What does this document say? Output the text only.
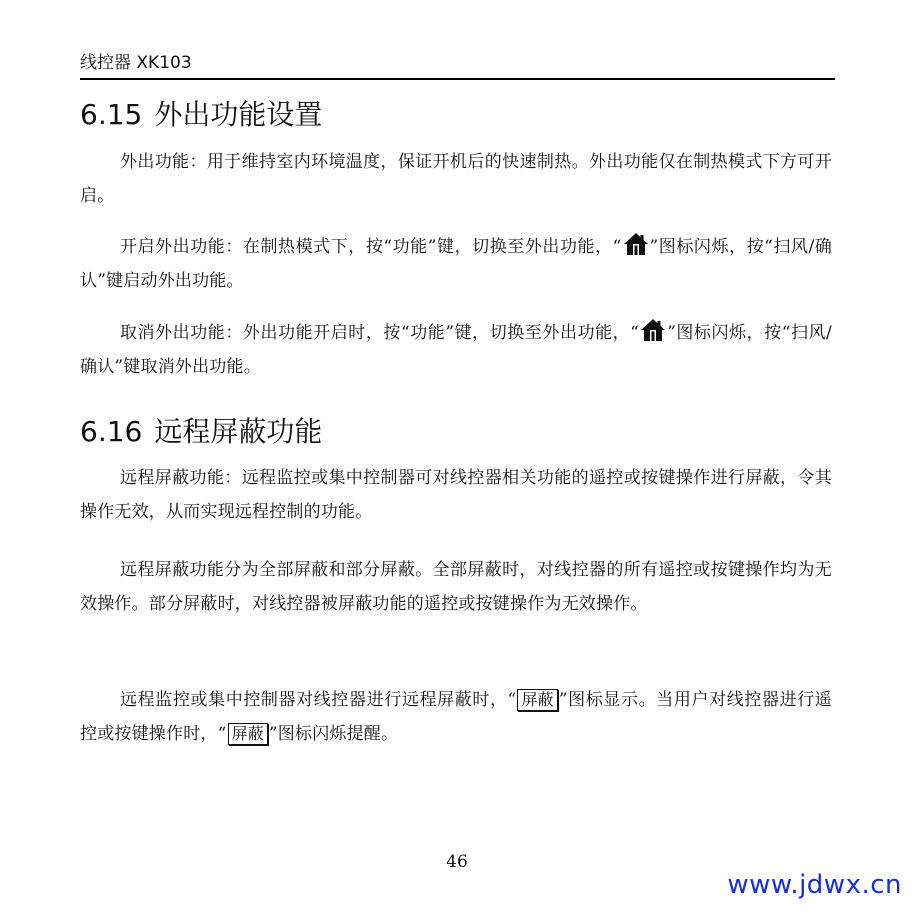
线控器 XK103
6.15 外出功能设置
外出功能：用于维持室内环境温度，保证开机后的快速制热。外出功能仅在制热模式下方可开启。
开启外出功能：在制热模式下，按“功能”键，切换至外出功能，“ ”图标闪烁，按“扫风/确认”键启动外出功能。
取消外出功能：外出功能开启时，按“功能”键，切换至外出功能，“ ”图标闪烁，按“扫风/确认”键取消外出功能。
6.16 远程屏蔽功能
远程屏蔽功能：远程监控或集中控制器可对线控器相关功能的遥控或按键操作进行屏蔽，令其操作无效，从而实现远程控制的功能。
远程屏蔽功能分为全部屏蔽和部分屏蔽。全部屏蔽时，对线控器的所有遥控或按键操作均为无效操作。部分屏蔽时，对线控器被屏蔽功能的遥控或按键操作为无效操作。
远程监控或集中控制器对线控器进行远程屏蔽时，“ 屏蔽 ”图标显示。当用户对线控器进行遥控或按键操作时，“ 屏蔽 ”图标闪烁提醒。
46
www.jdwx.cn
